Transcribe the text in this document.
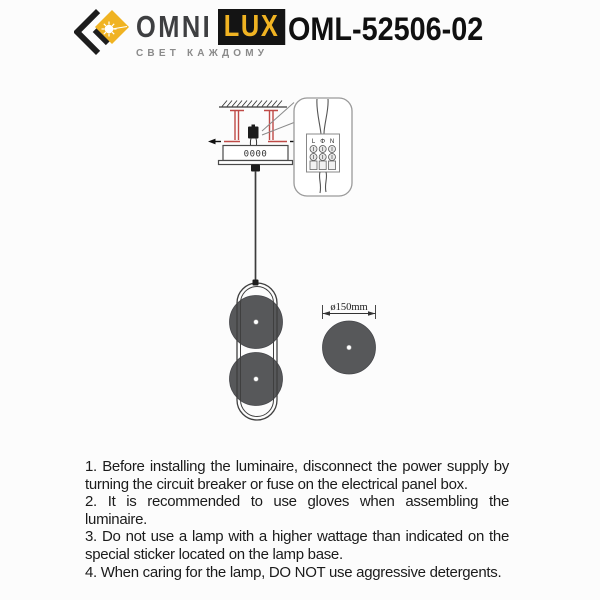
OMNI LUX
СВЕТ КАЖДОМУ
OML-52506-02
0000
L Φ N
ø150mm

1. Before installing the luminaire, disconnect the power supply by turning the circuit breaker or fuse on the electrical panel box.

2. It is recommended to use gloves when assembling the luminaire.

3. Do not use a lamp with a higher wattage than indicated on the special sticker located on the lamp base.

4. When caring for the lamp, DO NOT use aggressive detergents.
